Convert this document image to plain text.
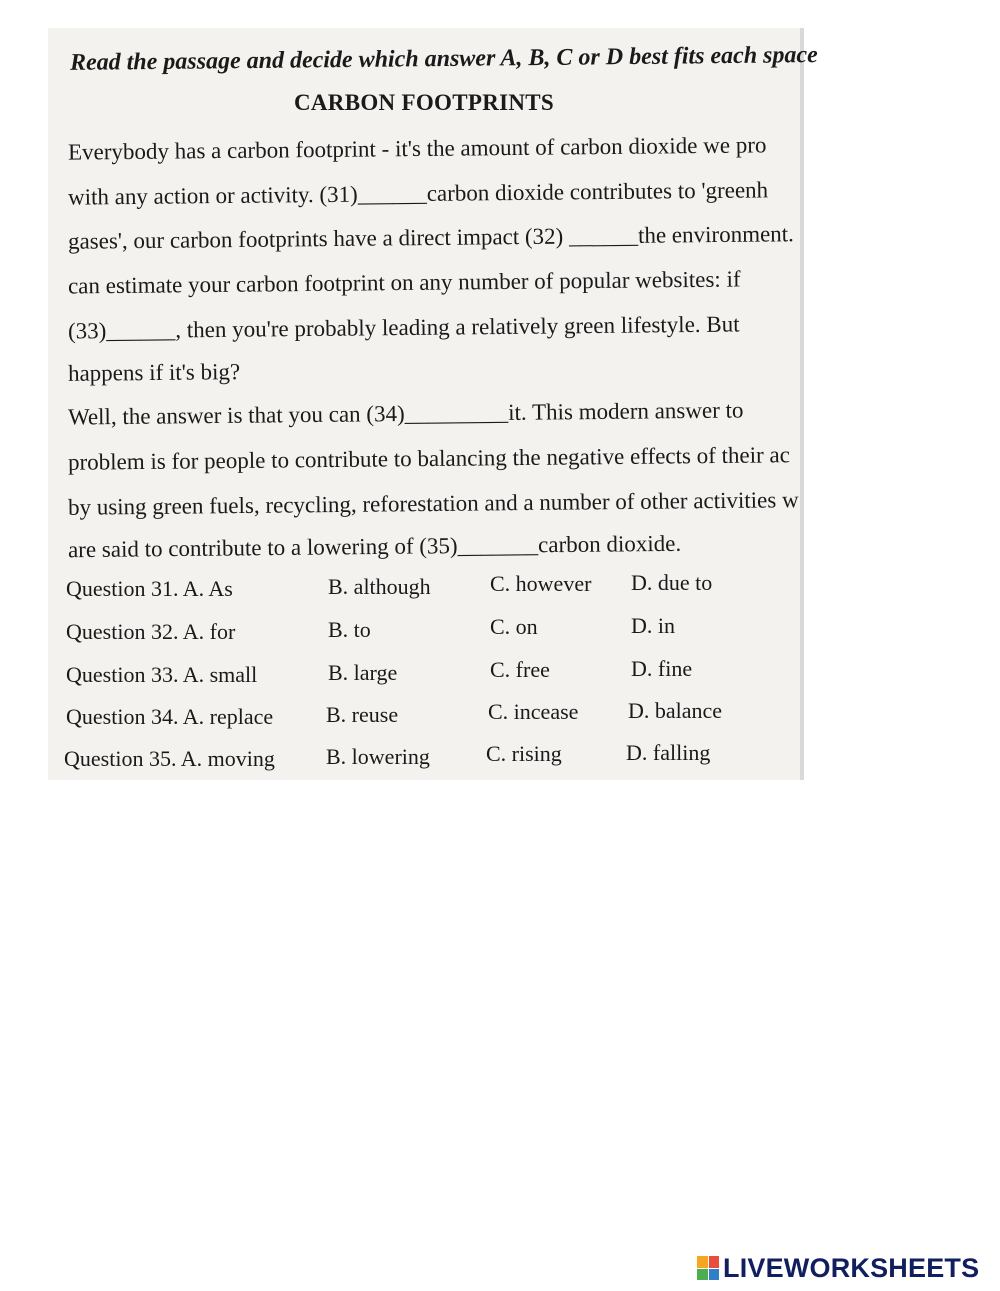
Read the passage and decide which answer A, B, C or D best fits each space
CARBON FOOTPRINTS
Everybody has a carbon footprint - it's the amount of carbon dioxide we pro
with any action or activity. (31)______carbon dioxide contributes to 'greenh
gases', our carbon footprints have a direct impact (32) ______the environment.
can estimate your carbon footprint on any number of popular websites: if
(33)______, then you're probably leading a relatively green lifestyle. But
happens if it's big?
Well, the answer is that you can (34)_________it. This modern answer to
problem is for people to contribute to balancing the negative effects of their ac
by using green fuels, recycling, reforestation and a number of other activities w
are said to contribute to a lowering of (35)_______carbon dioxide.
Question 31. A. As	B. although	C. however D. due to
Question 32. A. for	B. to	C. on	D. in
Question 33. A. small	B. large	C. free	D. fine
Question 34. A. replace B. reuse	C. incease D. balance
Question 35. A. moving B. lowering	C. rising	D. falling
LIVEWORKSHEETS
